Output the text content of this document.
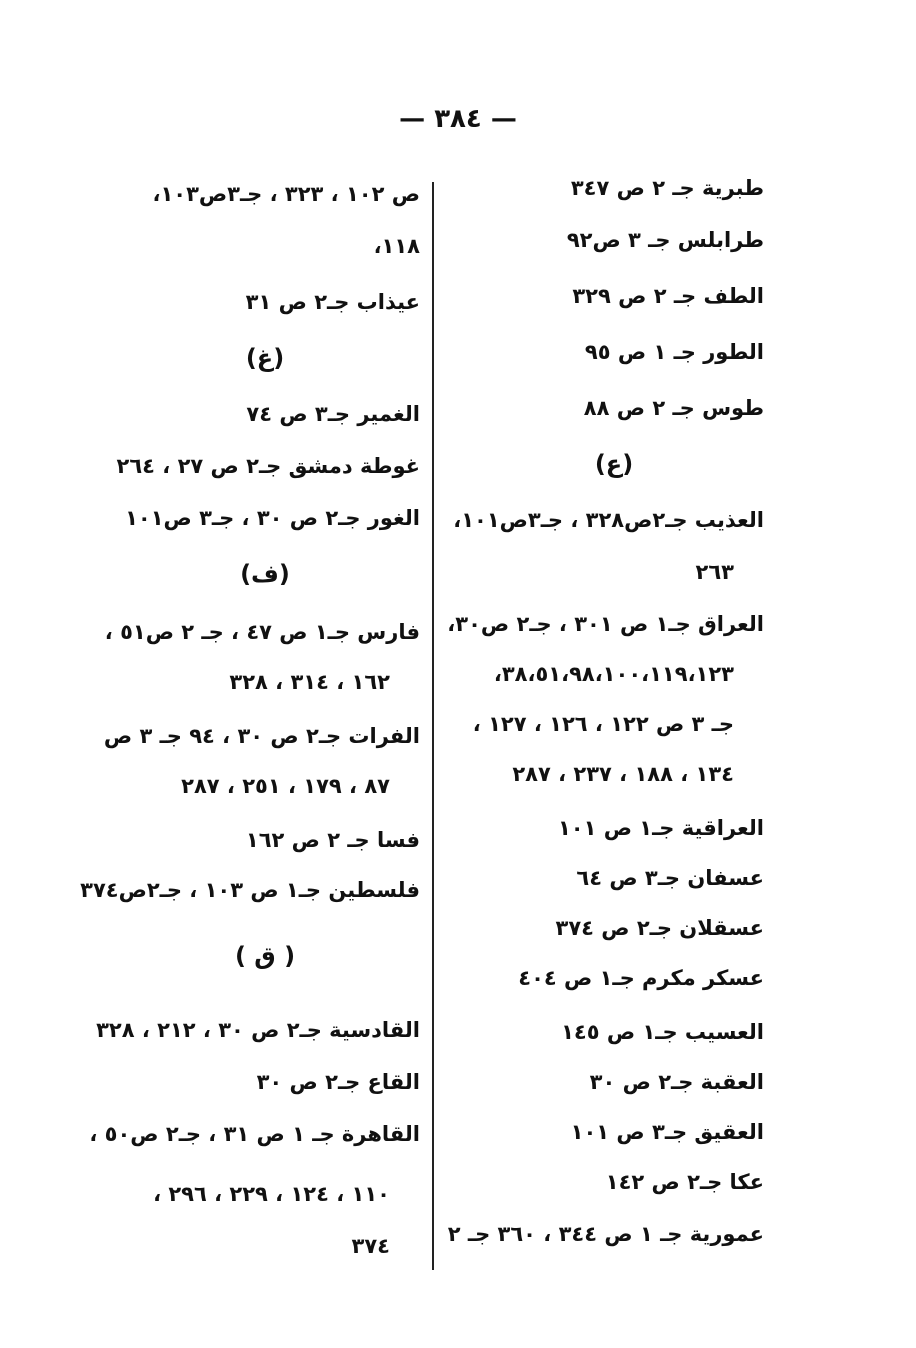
— ٣٨٤ —
طبرية جـ ٢ ص ٣٤٧
طرابلس جـ ٣ ص٩٢
الطف جـ ٢ ص ٣٢٩
الطور جـ ١ ص ٩٥
طوس جـ ٢ ص ٨٨
(ع)
العذيب جـ٢ص٣٢٨ ، جـ٣ص١٠١،
٢٦٣
العراق جـ١ ص ٣٠١ ، جـ٢ ص٣٠،
٣٨،٥١،٩٨،١٠٠،١١٩،١٢٣،
جـ ٣ ص ١٢٢ ، ١٢٦ ، ١٢٧ ،
١٣٤ ، ١٨٨ ، ٢٣٧ ، ٢٨٧
العراقية جـ١ ص ١٠١
عسفان جـ٣ ص ٦٤
عسقلان جـ٢ ص ٣٧٤
عسكر مكرم جـ١ ص ٤٠٤
العسيب جـ١ ص ١٤٥
العقبة جـ٢ ص ٣٠
العقيق جـ٣ ص ١٠١
عكا جـ٢ ص ١٤٢
عمورية جـ ١ ص ٣٤٤ ، ٣٦٠ جـ ٢
ص ١٠٢ ، ٣٢٣ ، جـ٣ص١٠٣،
١١٨،
عيذاب جـ٢ ص ٣١
(غ)
الغمير جـ٣ ص ٧٤
غوطة دمشق جـ٢ ص ٢٧ ، ٢٦٤
الغور جـ٢ ص ٣٠ ، جـ٣ ص١٠١
(ف)
فارس جـ١ ص ٤٧ ، جـ ٢ ص٥١ ،
١٦٢ ، ٣١٤ ، ٣٢٨
الفرات جـ٢ ص ٣٠ ، ٩٤ جـ ٣ ص
٨٧ ، ١٧٩ ، ٢٥١ ، ٢٨٧
فسا جـ ٢ ص ١٦٢
فلسطين جـ١ ص ١٠٣ ، جـ٢ص٣٧٤
( ق )
القادسية جـ٢ ص ٣٠ ، ٢١٢ ، ٣٢٨
القاع جـ٢ ص ٣٠
القاهرة جـ ١ ص ٣١ ، جـ٢ ص٥٠ ،
١١٠ ، ١٢٤ ، ٢٢٩ ، ٢٩٦ ،
٣٧٤
